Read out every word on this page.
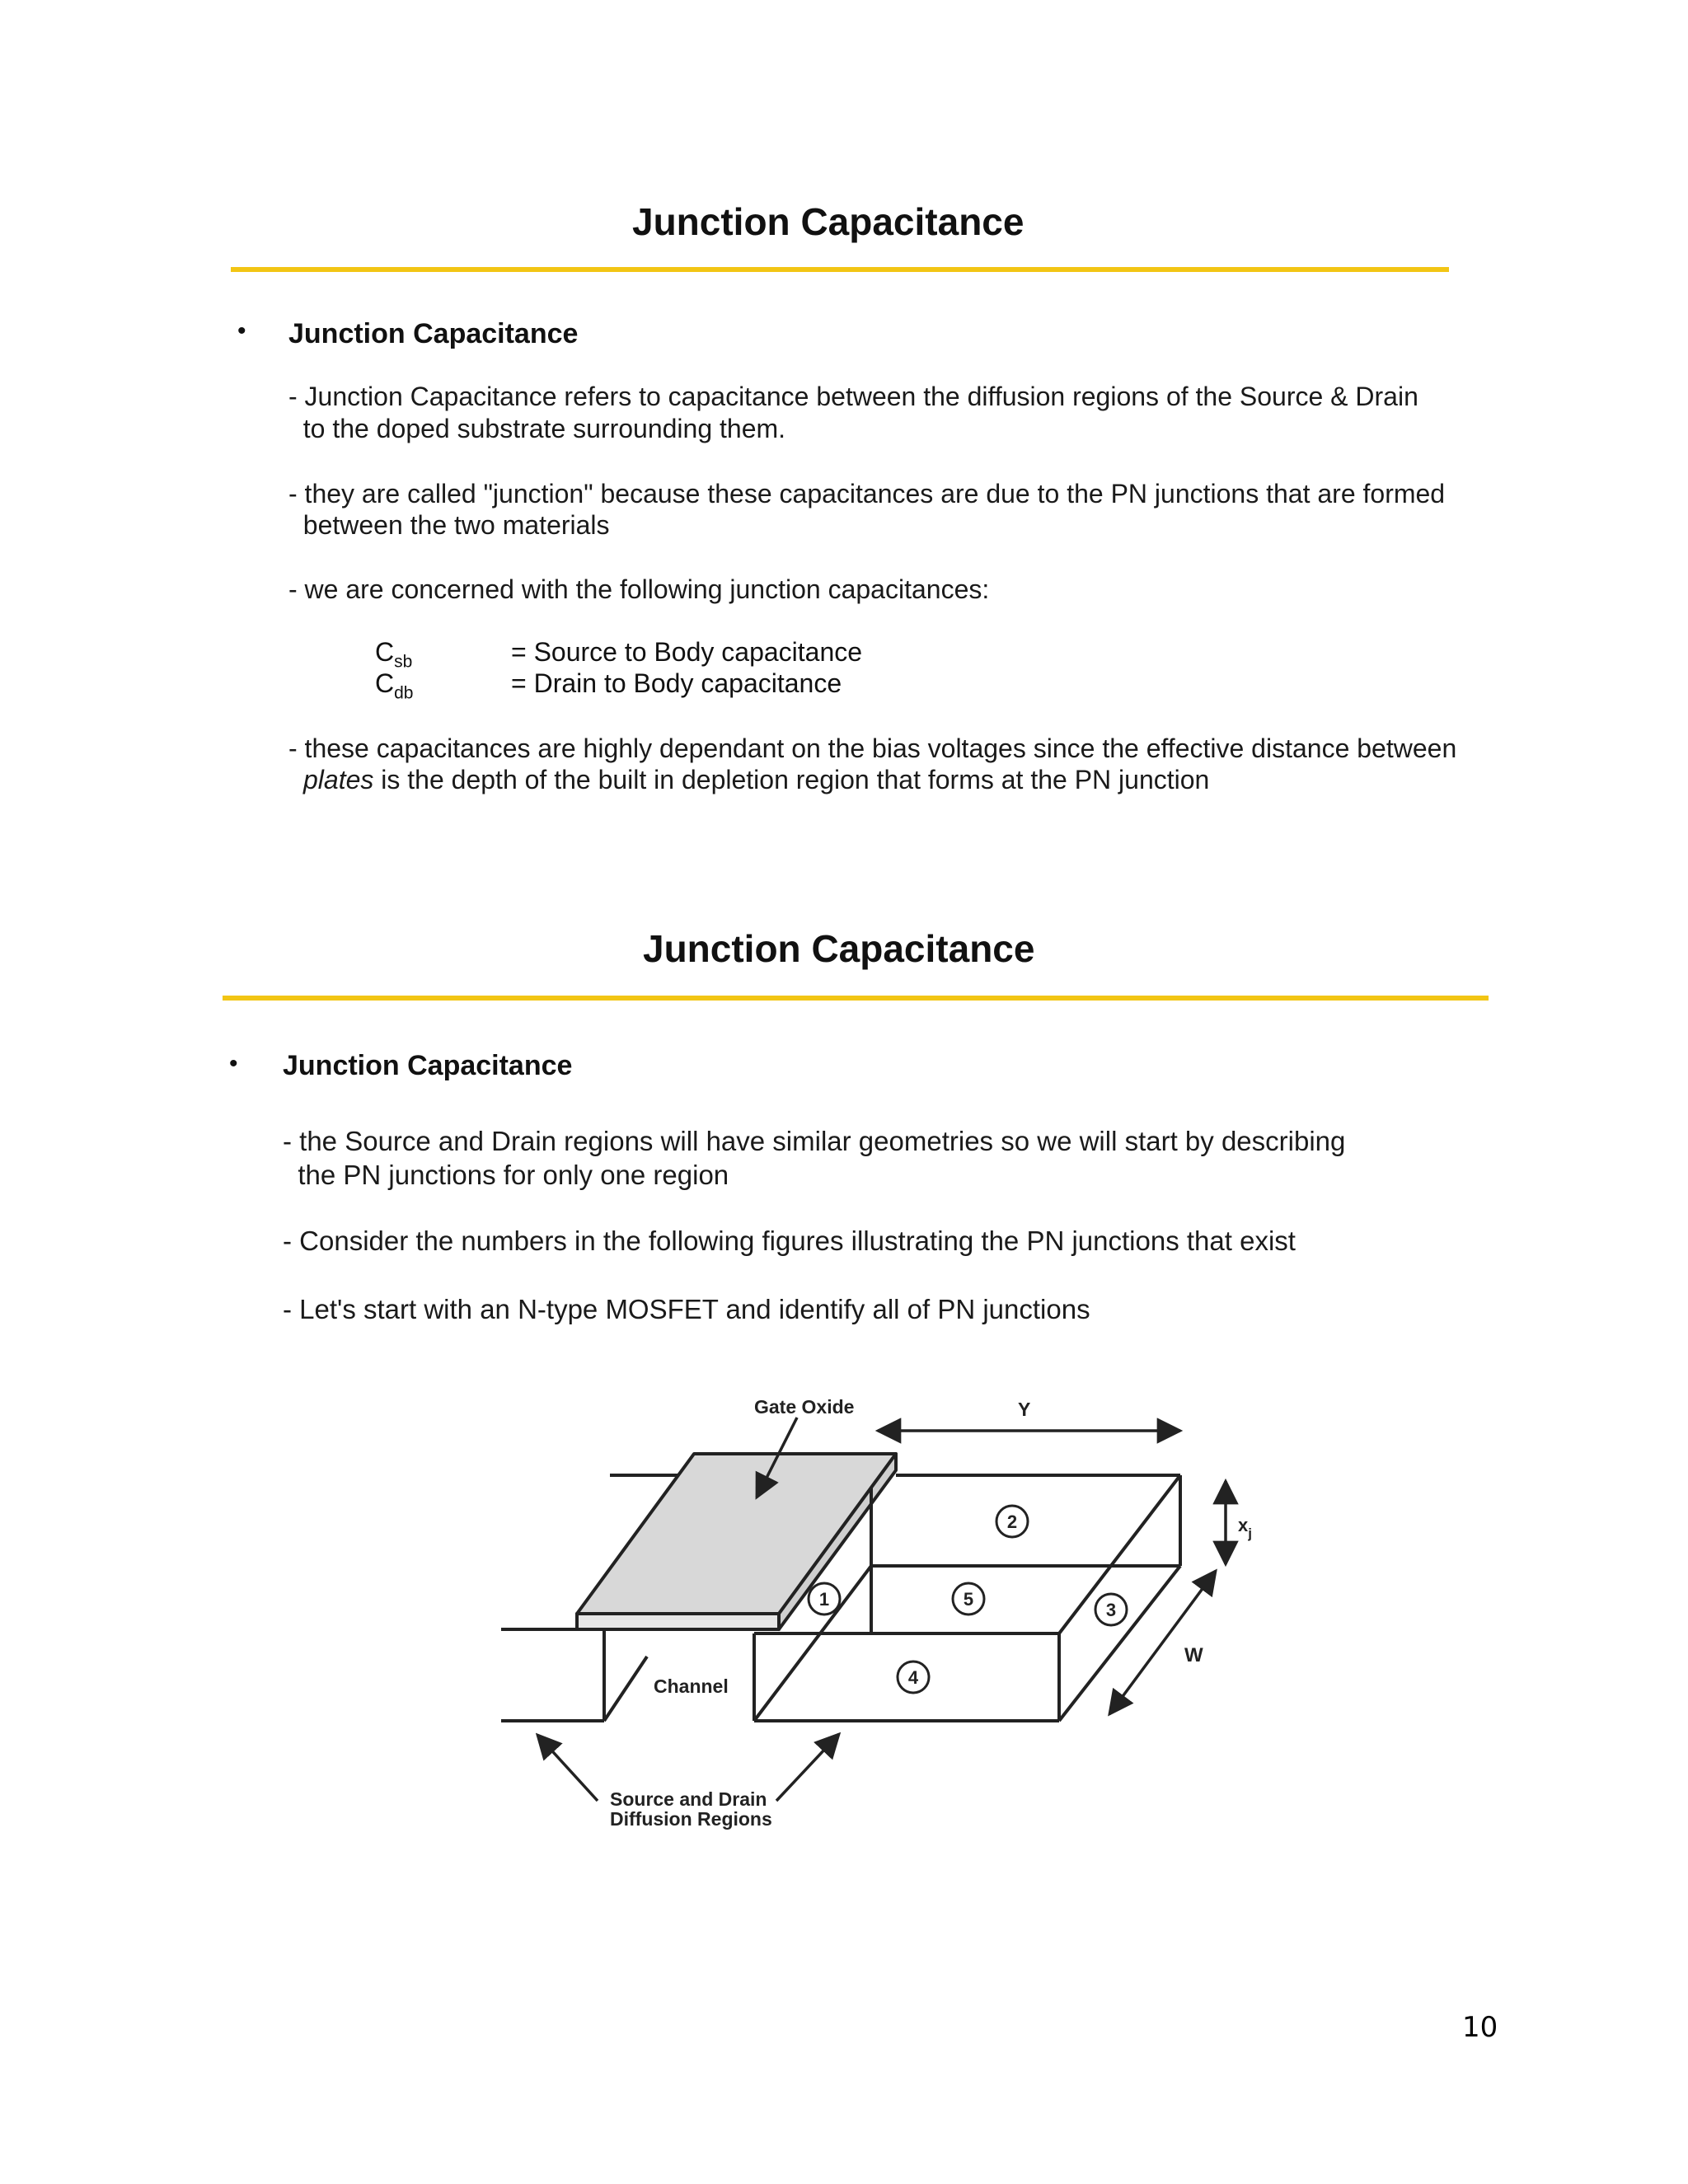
Junction Capacitance
• Junction Capacitance
- Junction Capacitance refers to capacitance between the diffusion regions of the Source & Drain
to the doped substrate surrounding them.
- they are called "junction" because these capacitances are due to the PN junctions that are formed
between the two materials
- we are concerned with the following junction capacitances:
$C_{sb}$	= Source to Body capacitance
$C_{db}$	= Drain to Body capacitance
- these capacitances are highly dependant on the bias voltages since the effective distance between
plates is the depth of the built in depletion region that forms at the PN junction
Junction Capacitance
• Junction Capacitance
- the Source and Drain regions will have similar geometries so we will start by describing
the PN junctions for only one region
- Consider the numbers in the following figures illustrating the PN junctions that exist
- Let's start with an N-type MOSFET and identify all of PN junctions
2
1	5
3
4
Gate Oxide	Y
$x_j$
W
Channel
Source and Drain
Diffusion Regions
10
